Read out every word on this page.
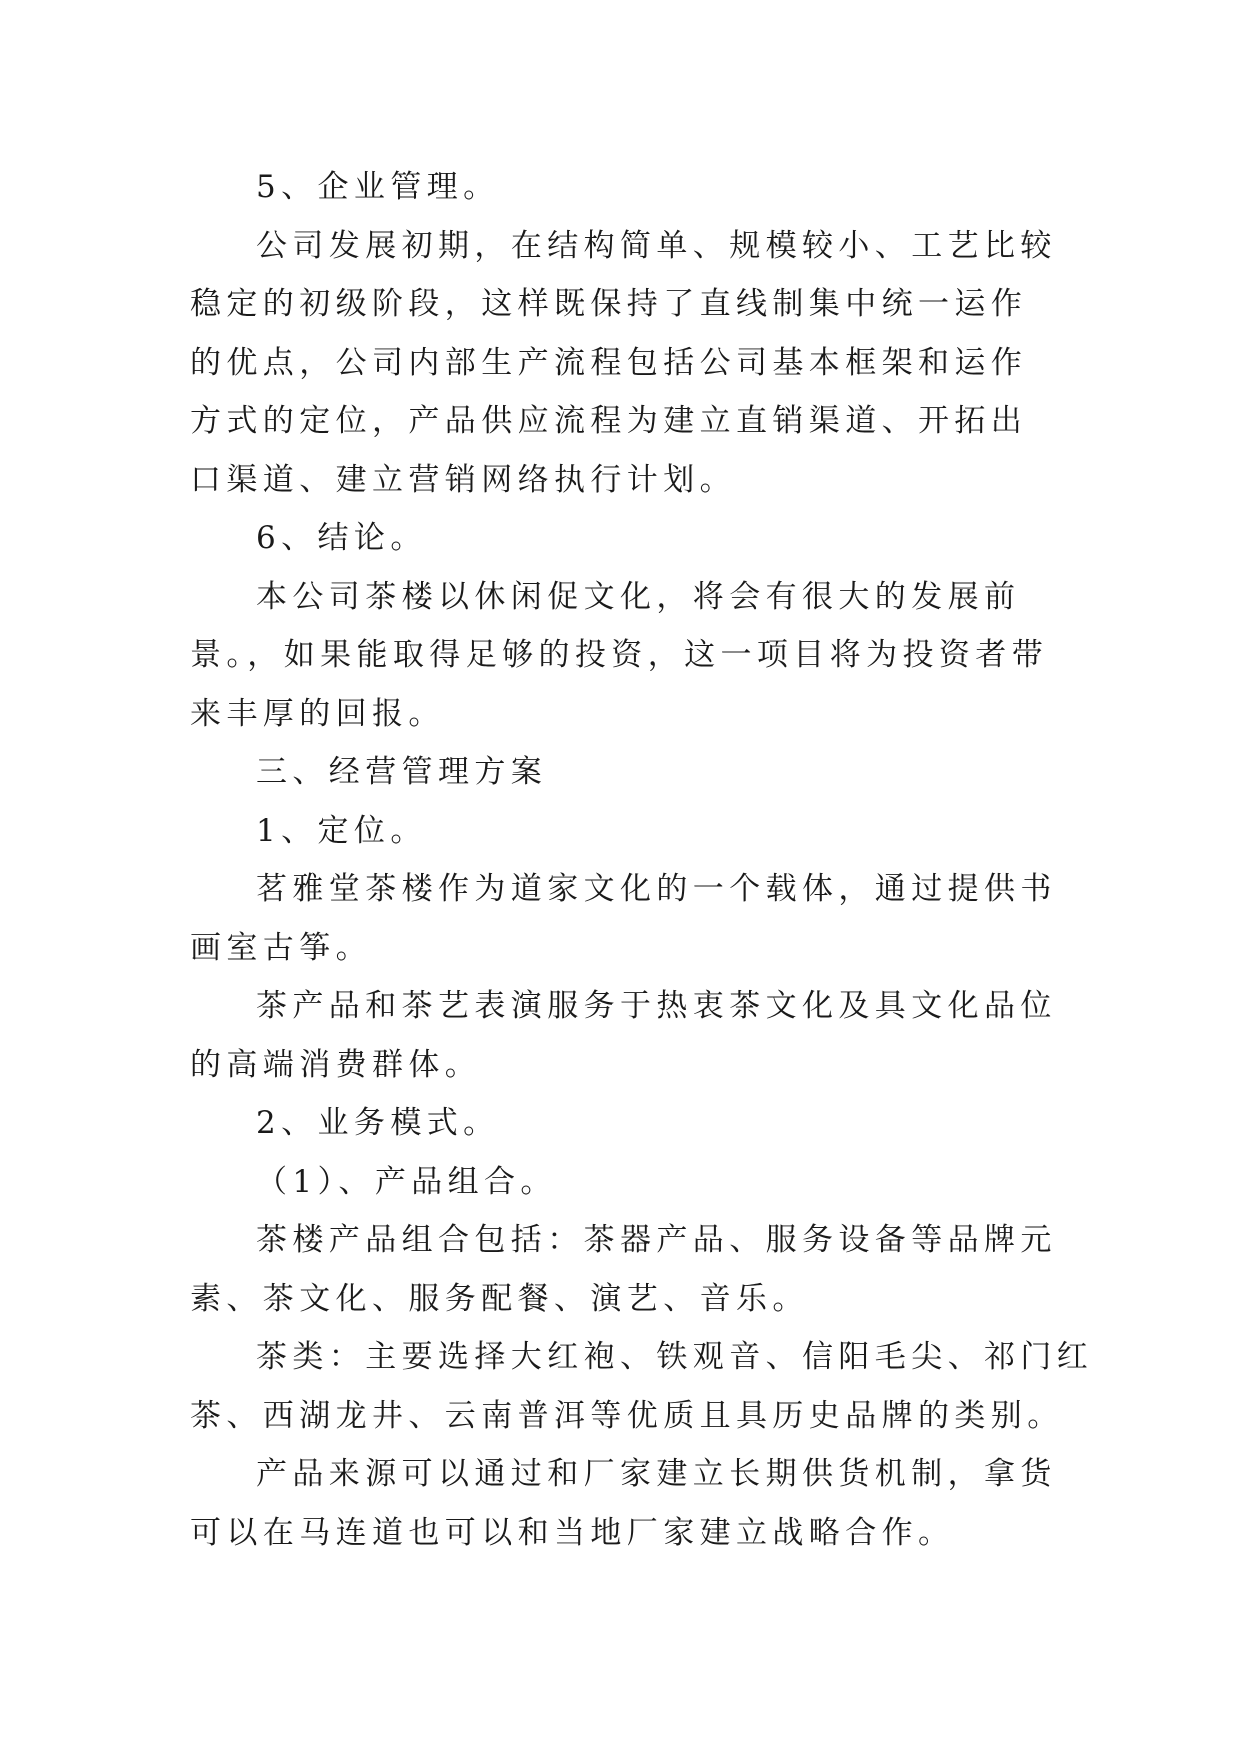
5、企业管理。

公司发展初期，在结构简单、规模较小、工艺比较稳定的初级阶段，这样既保持了直线制集中统一运作的优点，公司内部生产流程包括公司基本框架和运作方式的定位，产品供应流程为建立直销渠道、开拓出口渠道、建立营销网络执行计划。

6、结论。

本公司茶楼以休闲促文化，将会有很大的发展前景。，如果能取得足够的投资，这一项目将为投资者带来丰厚的回报。

三、经营管理方案

1、定位。

茗雅堂茶楼作为道家文化的一个载体，通过提供书画室古筝。

茶产品和茶艺表演服务于热衷茶文化及具文化品位的高端消费群体。

2、业务模式。

（1）、产品组合。

茶楼产品组合包括：茶器产品、服务设备等品牌元素、茶文化、服务配餐、演艺、音乐。

茶类：主要选择大红袍、铁观音、信阳毛尖、祁门红茶、西湖龙井、云南普洱等优质且具历史品牌的类别。

产品来源可以通过和厂家建立长期供货机制，拿货可以在马连道也可以和当地厂家建立战略合作。
